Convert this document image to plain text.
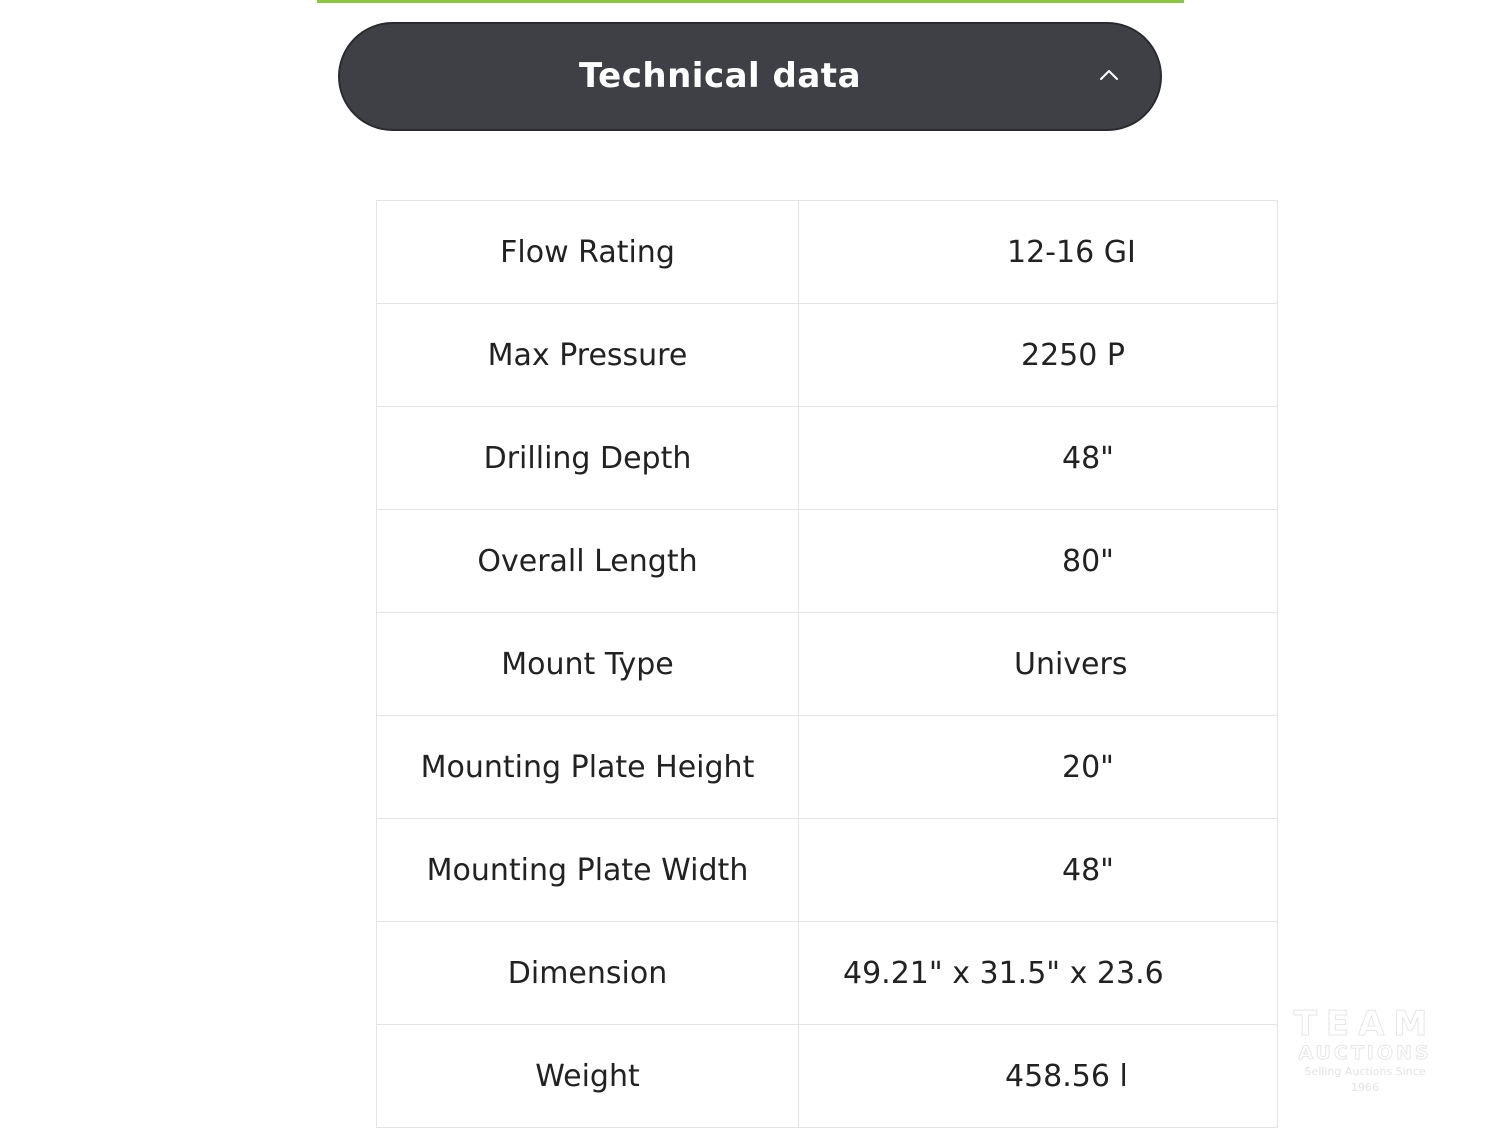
Technical data
Flow Rating	12-16 GI
Max Pressure	2250 P
Drilling Depth	48"
Overall Length	80"
Mount Type	Univers
Mounting Plate Height	20"
Mounting Plate Width	48"
Dimension	49.21" x 31.5" x 23.6
Weight	458.56 l
TEAM
AUCTIONS
Selling Auctions Since 1966
